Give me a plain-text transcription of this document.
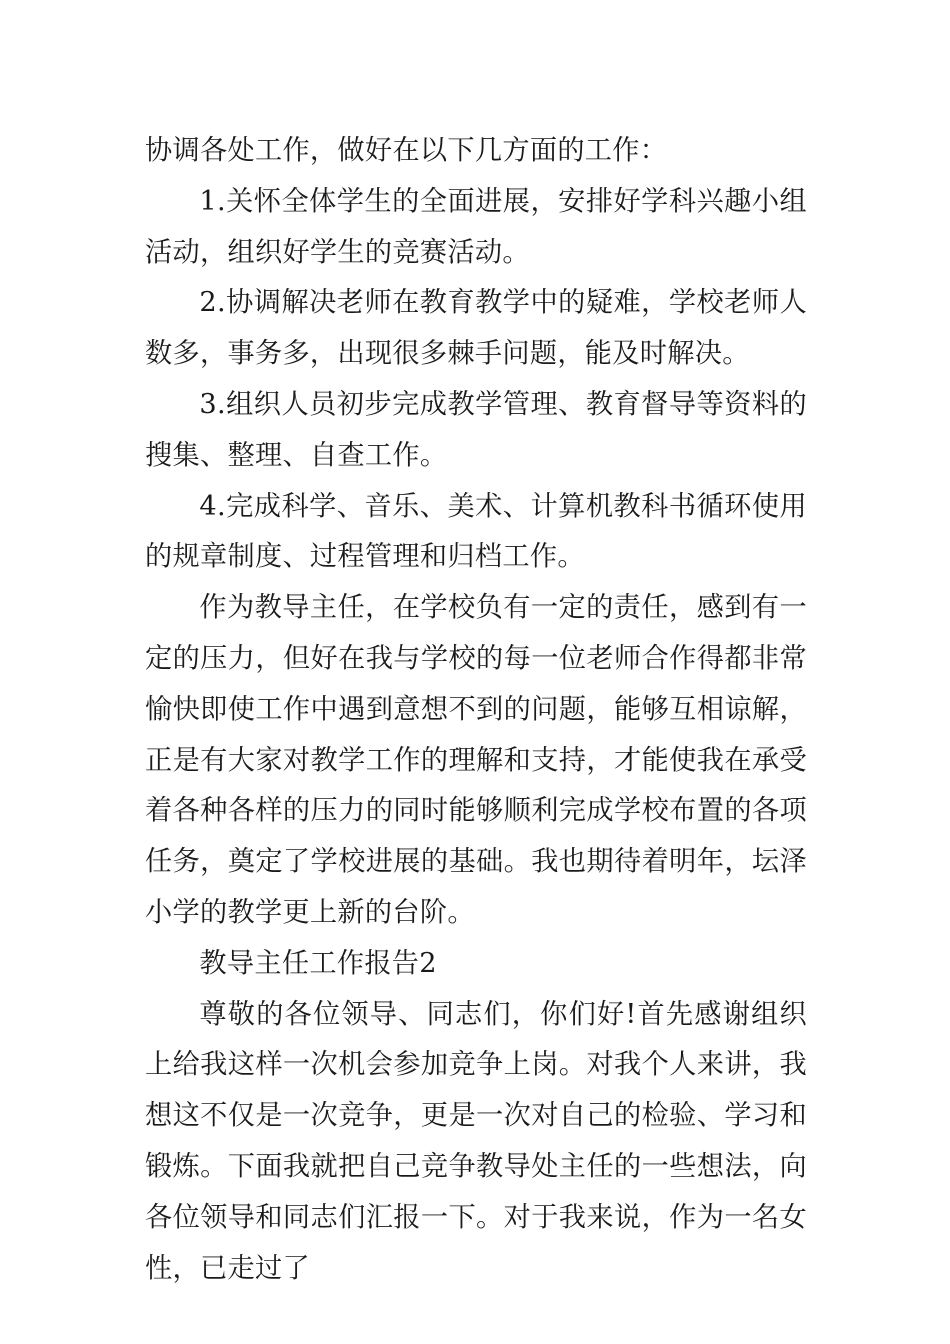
协调各处工作，做好在以下几方面的工作：

1.关怀全体学生的全面进展，安排好学科兴趣小组活动，组织好学生的竞赛活动。

2.协调解决老师在教育教学中的疑难，学校老师人数多，事务多，出现很多棘手问题，能及时解决。

3.组织人员初步完成教学管理、教育督导等资料的搜集、整理、自查工作。

4.完成科学、音乐、美术、计算机教科书循环使用的规章制度、过程管理和归档工作。

作为教导主任，在学校负有一定的责任，感到有一定的压力，但好在我与学校的每一位老师合作得都非常愉快即使工作中遇到意想不到的问题，能够互相谅解，正是有大家对教学工作的理解和支持，才能使我在承受着各种各样的压力的同时能够顺利完成学校布置的各项任务，奠定了学校进展的基础。我也期待着明年，坛泽小学的教学更上新的台阶。

教导主任工作报告2

尊敬的各位领导、同志们，你们好!首先感谢组织上给我这样一次机会参加竞争上岗。对我个人来讲，我想这不仅是一次竞争，更是一次对自己的检验、学习和锻炼。下面我就把自己竞争教导处主任的一些想法，向各位领导和同志们汇报一下。对于我来说，作为一名女性，已走过了
